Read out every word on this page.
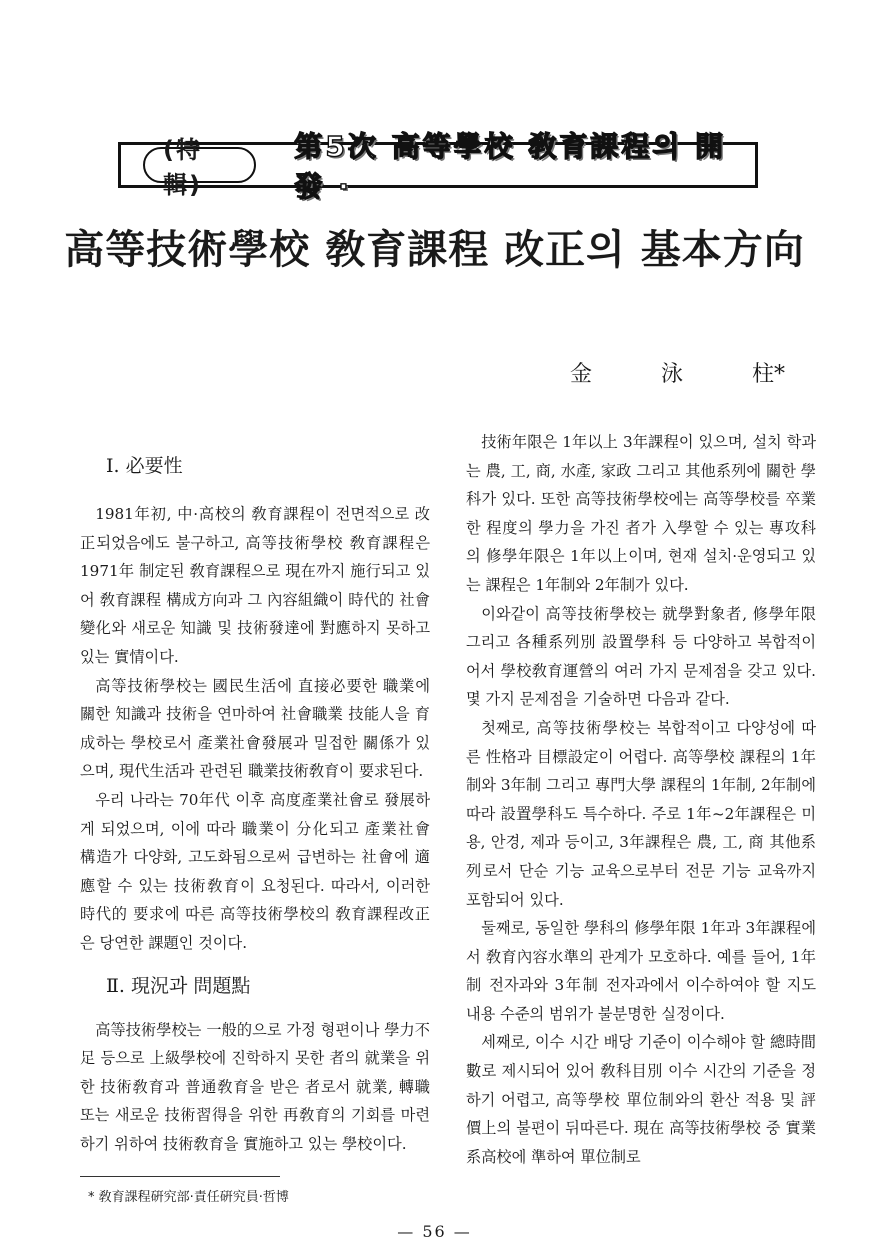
(特輯)
第5次 高等學校 敎育課程의 開發 ·
高等技術學校 敎育課程 改正의 基本方向
金	泳	柱*
Ⅰ. 必要性

1981年初, 中·高校의 敎育課程이 전면적으로 改正되었음에도 불구하고, 高等技術學校 敎育課程은 1971年 制定된 敎育課程으로 現在까지 施行되고 있어 敎育課程 構成方向과 그 內容組織이 時代的 社會變化와 새로운 知識 및 技術發達에 對應하지 못하고 있는 實情이다.

高等技術學校는 國民生活에 直接必要한 職業에 關한 知識과 技術을 연마하여 社會職業 技能人을 育成하는 學校로서 產業社會發展과 밀접한 關係가 있으며, 現代生活과 관련된 職業技術敎育이 要求된다.

우리 나라는 70年代 이후 高度產業社會로 發展하게 되었으며, 이에 따라 職業이 分化되고 產業社會 構造가 다양화, 고도화됨으로써 급변하는 社會에 適應할 수 있는 技術敎育이 요청된다. 따라서, 이러한 時代的 要求에 따른 高等技術學校의 敎育課程改正은 당연한 課題인 것이다.

Ⅱ. 現況과 問題點

高等技術學校는 一般的으로 가정 형편이나 學力不足 등으로 上級學校에 진학하지 못한 者의 就業을 위한 技術敎育과 普通敎育을 받은 者로서 就業, 轉職 또는 새로운 技術習得을 위한 再敎育의 기회를 마련하기 위하여 技術敎育을 實施하고 있는 學校이다.

技術年限은 1年以上 3年課程이 있으며, 설치 학과는 農, 工, 商, 水產, 家政 그리고 其他系列에 關한 學科가 있다. 또한 高等技術學校에는 高等學校를 卒業한 程度의 學力을 가진 者가 入學할 수 있는 專攻科의 修學年限은 1年以上이며, 현재 설치·운영되고 있는 課程은 1年制와 2年制가 있다.

이와같이 高等技術學校는 就學對象者, 修學年限 그리고 各種系列別 設置學科 등 다양하고 복합적이어서 學校敎育運營의 여러 가지 문제점을 갖고 있다. 몇 가지 문제점을 기술하면 다음과 같다.

첫째로, 高等技術學校는 복합적이고 다양성에 따른 性格과 目標設定이 어렵다. 高等學校 課程의 1年制와 3年制 그리고 專門大學 課程의 1年制, 2年制에 따라 設置學科도 특수하다. 주로 1年~2年課程은 미용, 안경, 제과 등이고, 3年課程은 農, 工, 商 其他系列로서 단순 기능 교육으로부터 전문 기능 교육까지 포함되어 있다.

둘째로, 동일한 學科의 修學年限 1年과 3年課程에서 敎育內容水準의 관계가 모호하다. 예를 들어, 1年制 전자과와 3年制 전자과에서 이수하여야 할 지도 내용 수준의 범위가 불분명한 실정이다.

세째로, 이수 시간 배당 기준이 이수해야 할 總時間數로 제시되어 있어 敎科目別 이수 시간의 기준을 정하기 어렵고, 高等學校 單位制와의 환산 적용 및 評價上의 불편이 뒤따른다. 現在 高等技術學校 중 實業系高校에 準하여 單位制로

* 敎育課程硏究部·責任硏究員·哲博
— 56 —
